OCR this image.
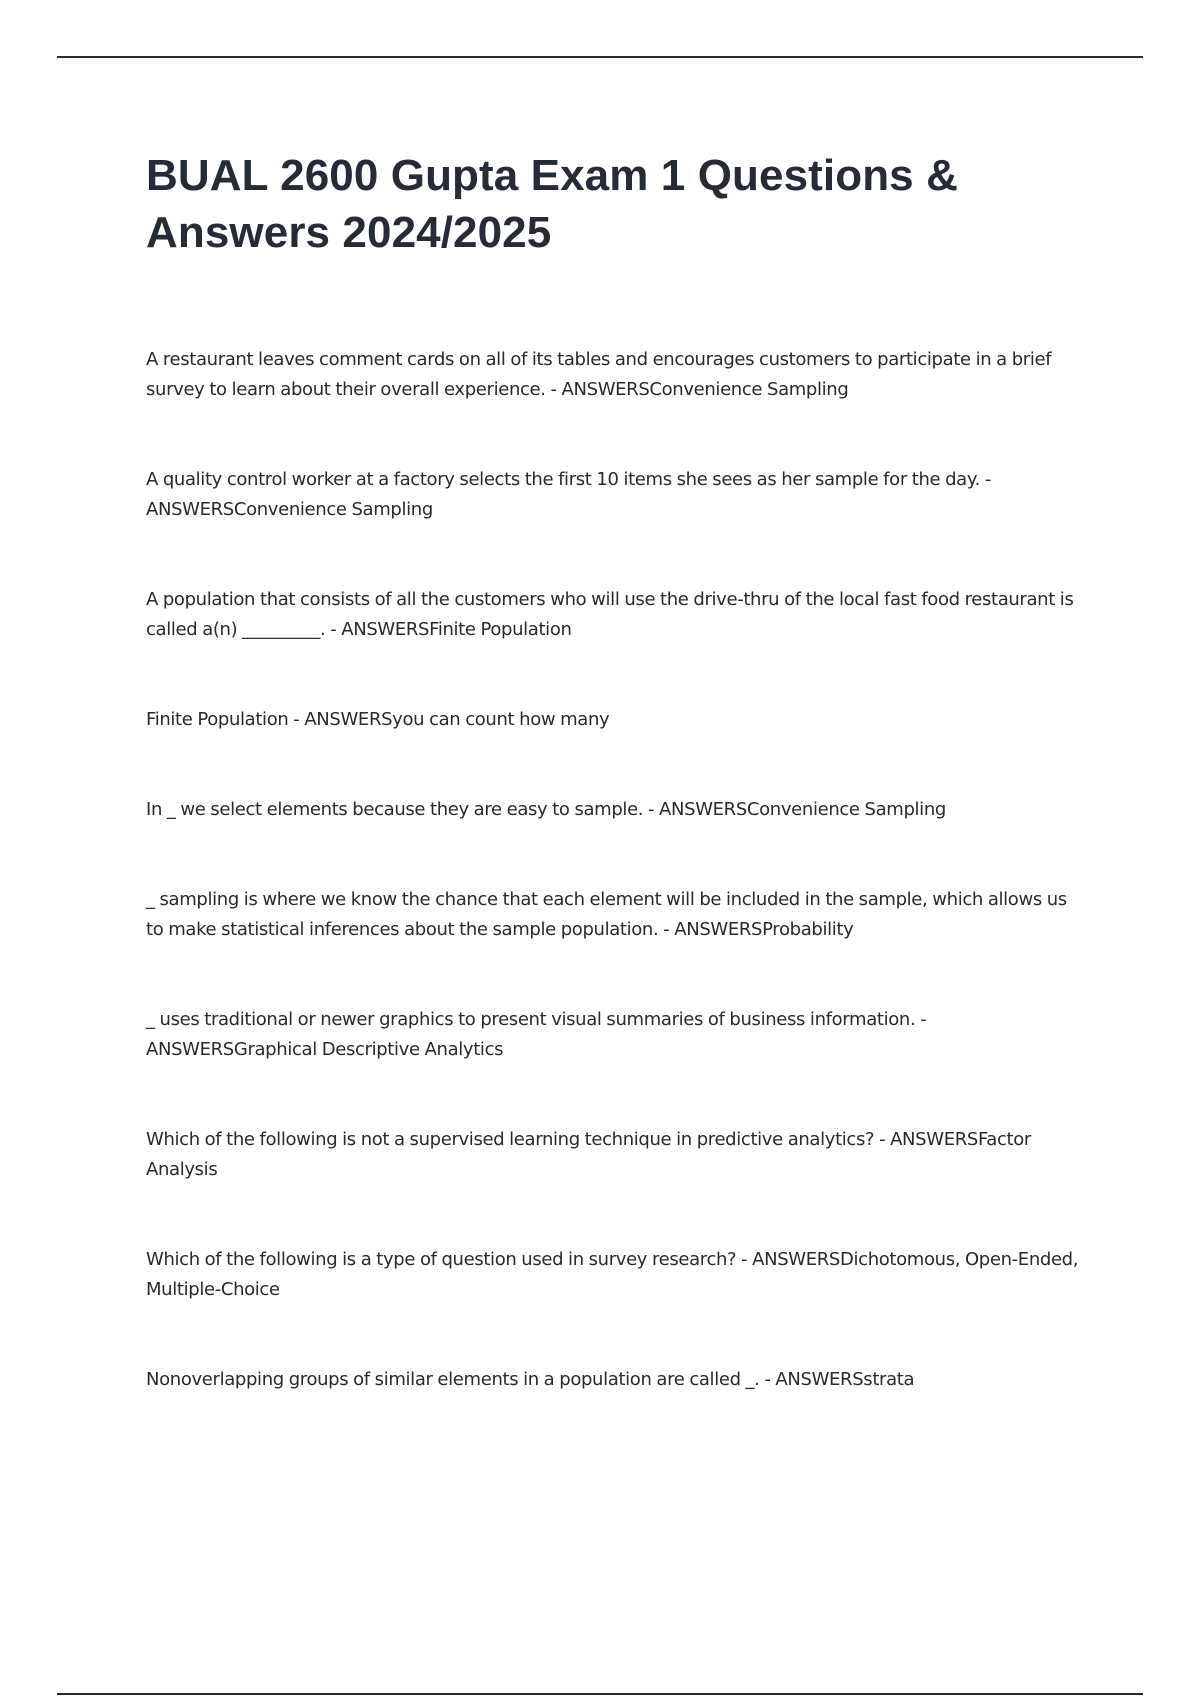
BUAL 2600 Gupta Exam 1 Questions &
Answers 2024/2025
A restaurant leaves comment cards on all of its tables and encourages customers to participate in a brief survey to learn about their overall experience. - ANSWERSConvenience Sampling
A quality control worker at a factory selects the first 10 items she sees as her sample for the day. - ANSWERSConvenience Sampling
A population that consists of all the customers who will use the drive-thru of the local fast food restaurant is called a(n) _________. - ANSWERSFinite Population
Finite Population - ANSWERSyou can count how many
In _ we select elements because they are easy to sample. - ANSWERSConvenience Sampling
_ sampling is where we know the chance that each element will be included in the sample, which allows us to make statistical inferences about the sample population. - ANSWERSProbability
_ uses traditional or newer graphics to present visual summaries of business information. - ANSWERSGraphical Descriptive Analytics
Which of the following is not a supervised learning technique in predictive analytics? - ANSWERSFactor Analysis
Which of the following is a type of question used in survey research? - ANSWERSDichotomous, Open-Ended, Multiple-Choice
Nonoverlapping groups of similar elements in a population are called _. - ANSWERSstrata
